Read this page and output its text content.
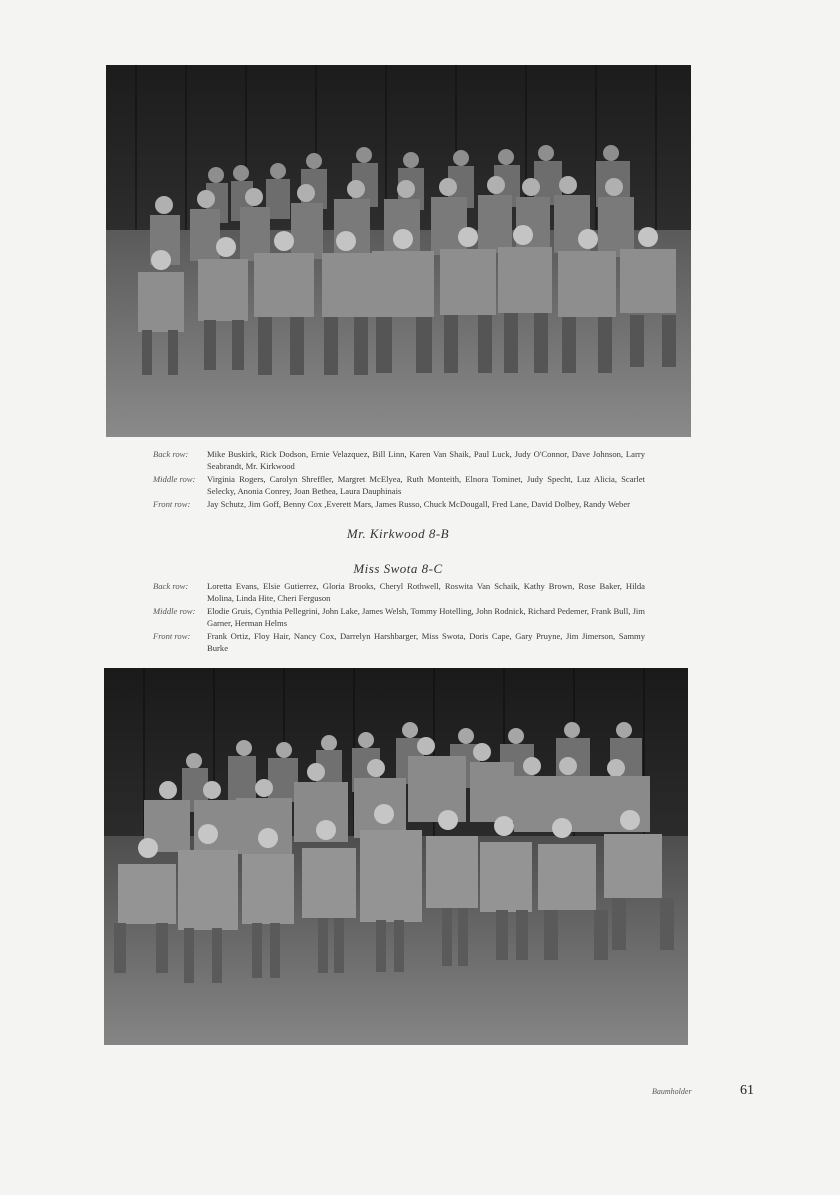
Back row:	Mike Buskirk, Rick Dodson, Ernie Velazquez, Bill Linn, Karen Van Shaik, Paul Luck, Judy O'Connor, Dave Johnson, Larry Seabrandt, Mr. Kirkwood
Middle row:	Virginia Rogers, Carolyn Shreffler, Margret McElyea, Ruth Monteith, Elnora Tominet, Judy Specht, Luz Alicia, Scarlet Selecky, Anonia Conrey, Joan Bethea, Laura Dauphinais
Front row:	Jay Schutz, Jim Goff, Benny Cox ,Everett Mars, James Russo, Chuck McDougall, Fred Lane, David Dolbey, Randy Weber
Mr. Kirkwood 8-B
Miss Swota 8-C
Back row:	Loretta Evans, Elsie Gutierrez, Gloria Brooks, Cheryl Rothwell, Roswita Van Schaik, Kathy Brown, Rose Baker, Hilda Molina, Linda Hite, Cheri Ferguson
Middle row:	Elodie Gruis, Cynthia Pellegrini, John Lake, James Welsh, Tommy Hotelling, John Rodnick, Richard Pedemer, Frank Bull, Jim Garner, Herman Helms
Front row:	Frank Ortiz, Floy Hair, Nancy Cox, Darrelyn Harshbarger, Miss Swota, Doris Cape, Gary Pruyne, Jim Jimerson, Sammy Burke
Baumholder	61
